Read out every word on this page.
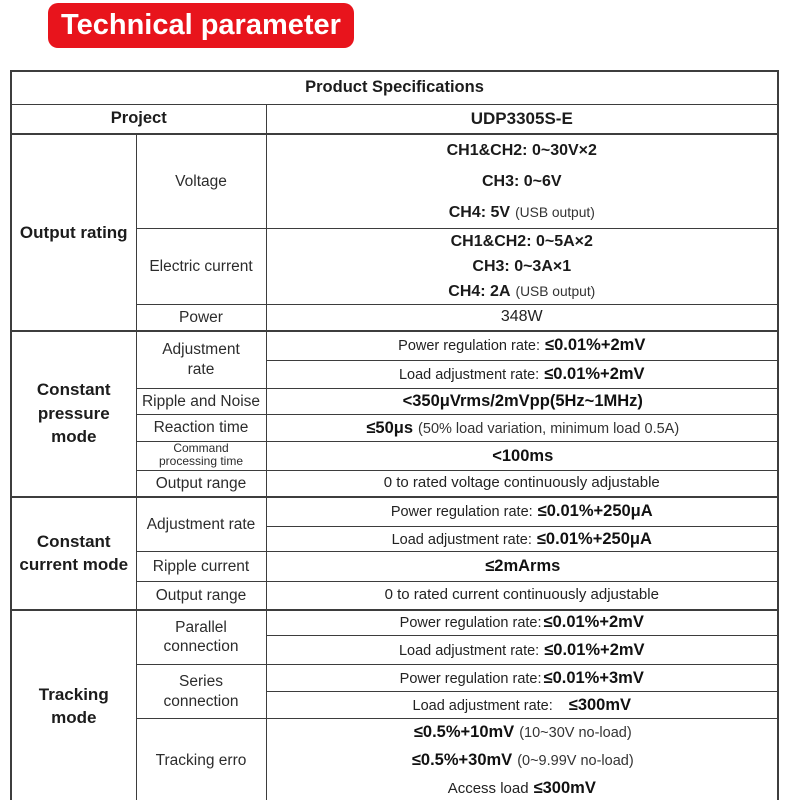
Technical parameter
Product Specifications		
Project		UDP3305S-E
Output rating	Voltage	CH1&CH2: 0~30V×2
CH3: 0~6V
CH4: 5V (USB output)

	Electric current	CH1&CH2: 0~5A×2
CH3: 0~3A×1
CH4: 2A (USB output)

	Power	348W
Constant pressure mode	Adjustment rate	Power regulation rate: ≤0.01%+2mV
		Load adjustment rate: ≤0.01%+2mV
	Ripple and Noise	<350μVrms/2mVpp(5Hz~1MHz)
	Reaction time	≤50μs (50% load variation, minimum load 0.5A)
	Command processing time	<100ms
	Output range	0 to rated voltage continuously adjustable
Constant current mode	Adjustment rate	Power regulation rate: ≤0.01%+250μA
		Load adjustment rate: ≤0.01%+250μA
	Ripple current	≤2mArms
	Output range	0 to rated current continuously adjustable
Tracking mode	Parallel connection	Power regulation rate: ≤0.01%+2mV
		Load adjustment rate: ≤0.01%+2mV
	Series connection	Power regulation rate: ≤0.01%+3mV
		Load adjustment rate: ≤300mV
	Tracking erro	≤0.5%+10mV (10~30V no-load)
≤0.5%+30mV (0~9.99V no-load)
Access load ≤300mV
